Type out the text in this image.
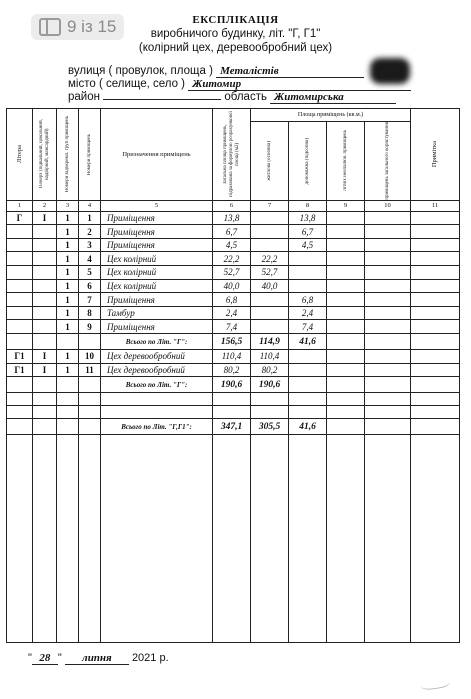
9 із 15	ЕКСПЛІКАЦІЯ
виробничого будинку, літ. "Г, Г1"
(колірний цех, деревообробний цех)
вулиця ( провулок, площа ) Металістів
місто ( селище, село ) Житомир
район	область Житомирська
Літера	Поверх (підвальний, цокольний, надвірний, мансардний)	Номери відокремл. груп приміщень	Номери приміщень	Призначення приміщень	Загальна площа приміщень, підрахована за формулою розрахункової площі (м2)	Площа приміщень (кв.м.)				Примітка

						житлова (основна)	допоміжна (підсобна)	літніх неопалюв. приміщень	приміщень загального користування	

1	2	3	4	5	6	7	8	9	10	11
Г	I	1	1	Приміщення	13,8		13,8			
		1	2	Приміщення	6,7		6,7			
		1	3	Приміщення	4,5		4,5			
		1	4	Цех колірний	22,2	22,2				
		1	5	Цех колірний	52,7	52,7				
		1	6	Цех колірний	40,0	40,0				
		1	7	Приміщення	6,8		6,8			
		1	8	Тамбур	2,4		2,4			
		1	9	Приміщення	7,4		7,4			
				Всього по Літ. "Г":	156,5	114,9	41,6			
Г1	I	1	10	Цех деревообробний	110,4	110,4				
Г1	I	1	11	Цех деревообробний	80,2	80,2				
				Всього по Літ. "Г":	190,6	190,6				

				Всього по Літ. "Г,Г1":	347,1	305,5	41,6			

" 28 " липня 2021 р.
